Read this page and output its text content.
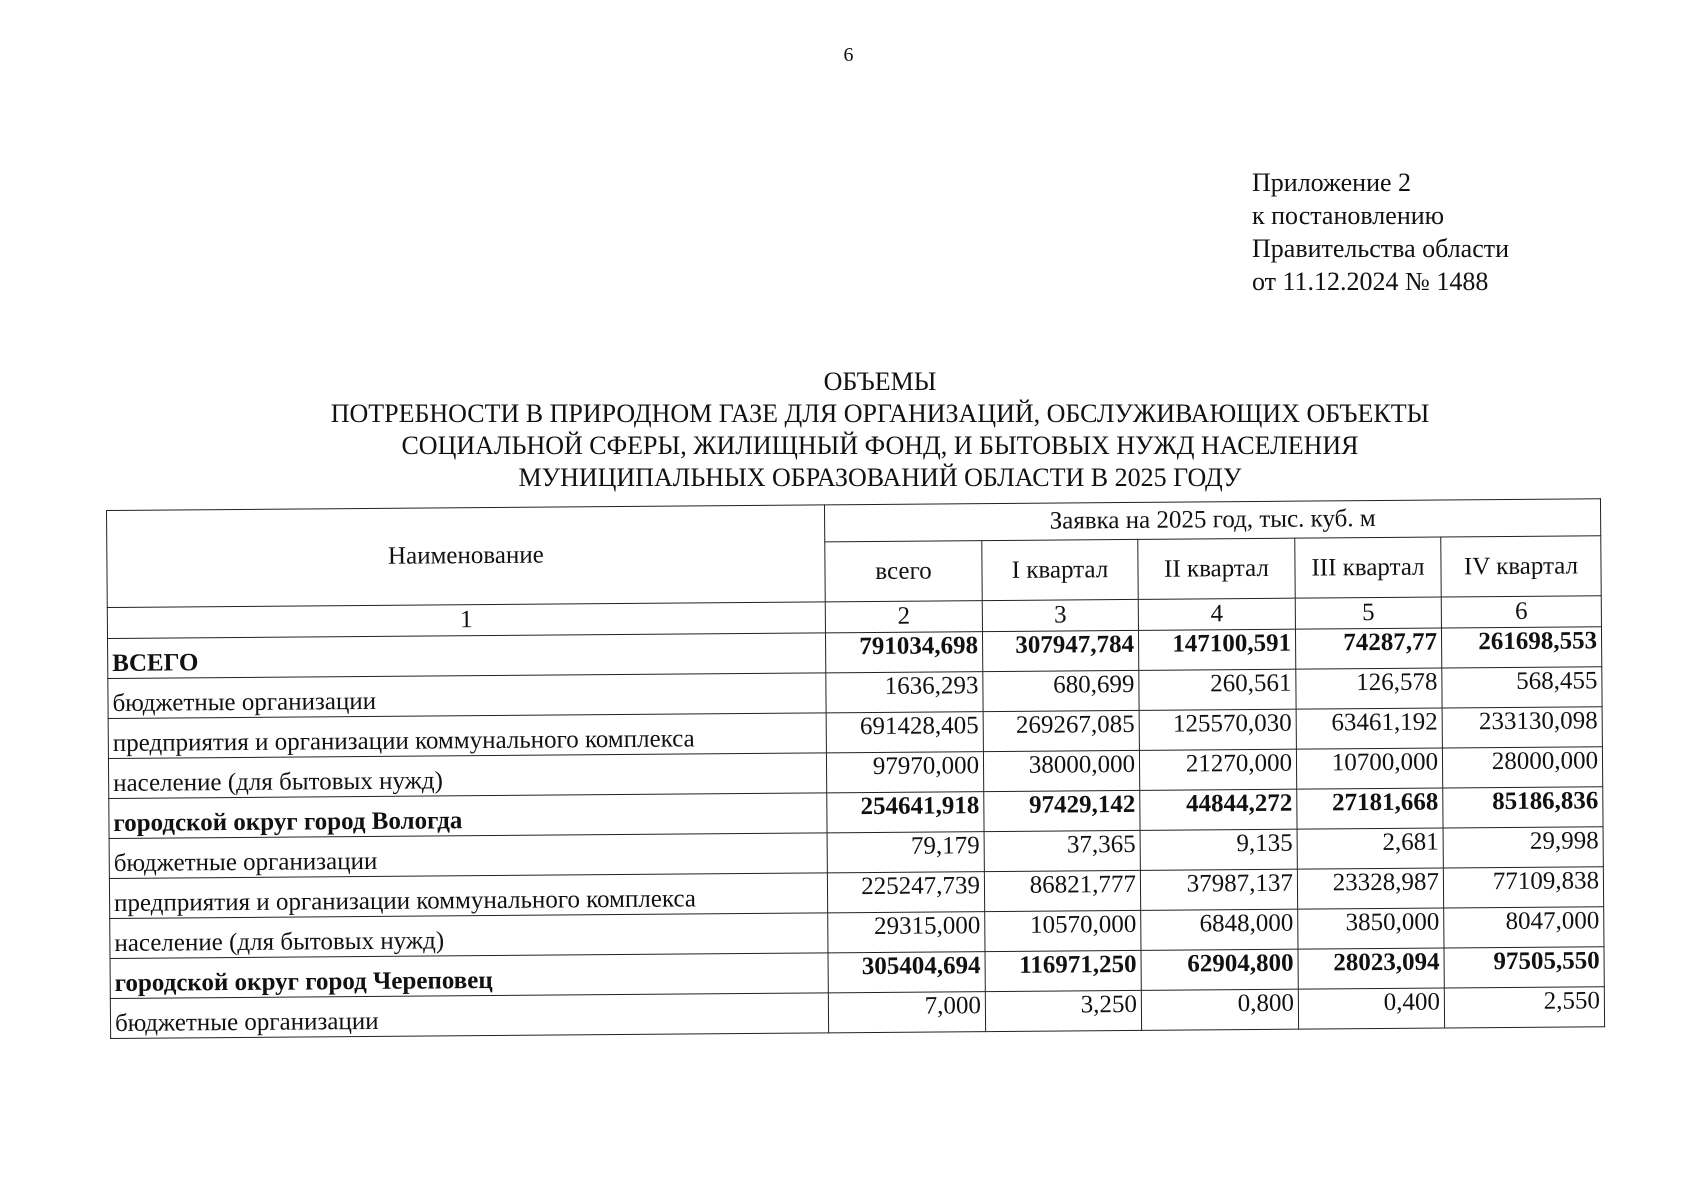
6
Приложение 2
к постановлению
Правительства области
от 11.12.2024 № 1488
ОБЪЕМЫ
ПОТРЕБНОСТИ В ПРИРОДНОМ ГАЗЕ ДЛЯ ОРГАНИЗАЦИЙ, ОБСЛУЖИВАЮЩИХ ОБЪЕКТЫ
СОЦИАЛЬНОЙ СФЕРЫ, ЖИЛИЩНЫЙ ФОНД, И БЫТОВЫХ НУЖД НАСЕЛЕНИЯ
МУНИЦИПАЛЬНЫХ ОБРАЗОВАНИЙ ОБЛАСТИ В 2025 ГОДУ
Наименование	Заявка на 2025 год, тыс. куб. м				
	всего	I квартал	II квартал	III квартал	IV квартал
1	2	3	4	5	6
ВСЕГО	791034,698	307947,784	147100,591	74287,77	261698,553
бюджетные организации	1636,293	680,699	260,561	126,578	568,455
предприятия и организации коммунального комплекса	691428,405	269267,085	125570,030	63461,192	233130,098
население (для бытовых нужд)	97970,000	38000,000	21270,000	10700,000	28000,000
городской округ город Вологда	254641,918	97429,142	44844,272	27181,668	85186,836
бюджетные организации	79,179	37,365	9,135	2,681	29,998
предприятия и организации коммунального комплекса	225247,739	86821,777	37987,137	23328,987	77109,838
население (для бытовых нужд)	29315,000	10570,000	6848,000	3850,000	8047,000
городской округ город Череповец	305404,694	116971,250	62904,800	28023,094	97505,550
бюджетные организации	7,000	3,250	0,800	0,400	2,550
